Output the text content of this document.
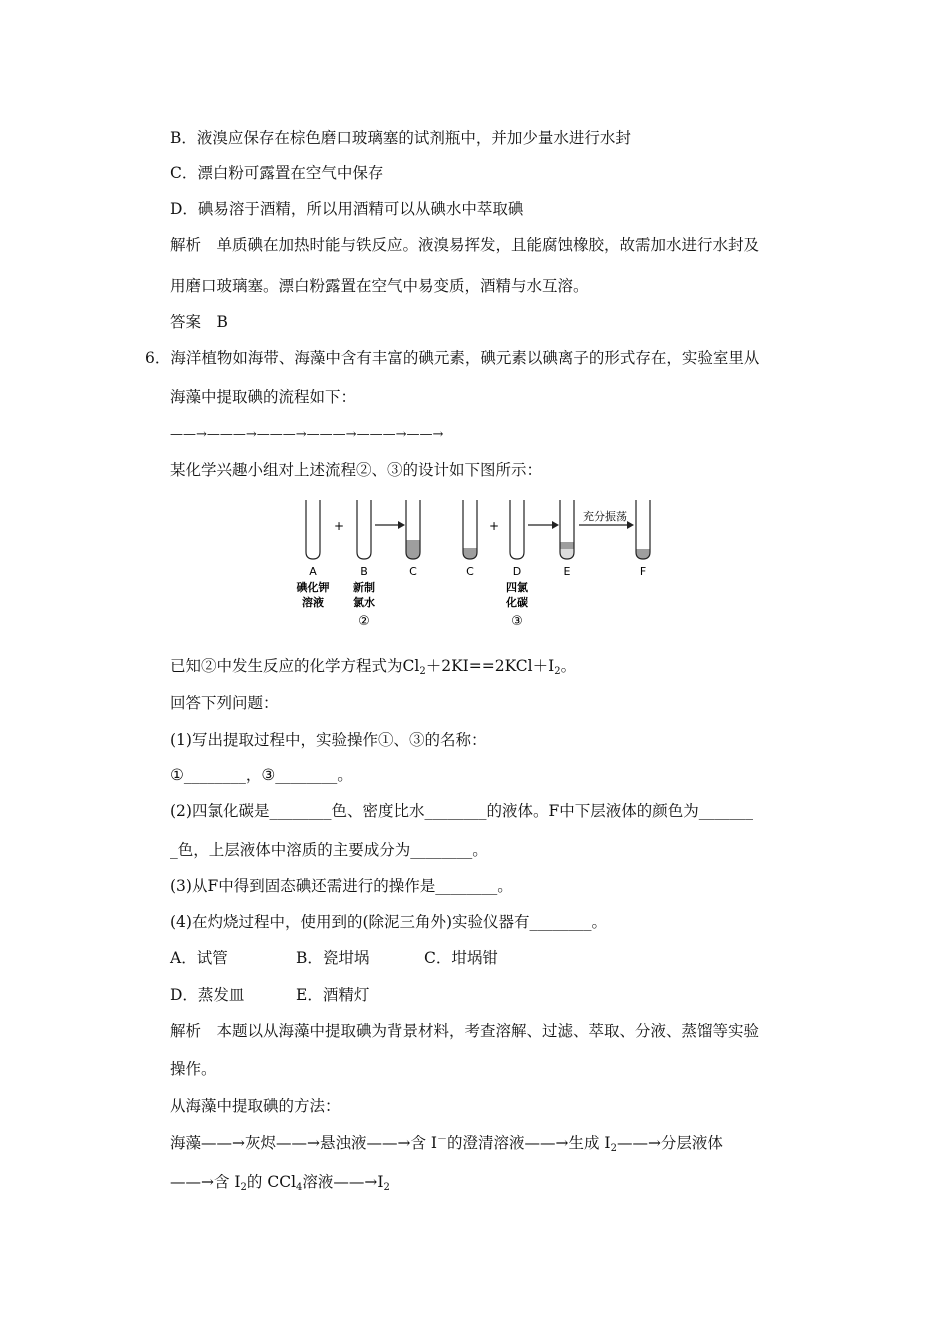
B．液溴应保存在棕色磨口玻璃塞的试剂瓶中，并加少量水进行水封
C．漂白粉可露置在空气中保存
D．碘易溶于酒精，所以用酒精可以从碘水中萃取碘
解析　单质碘在加热时能与铁反应。液溴易挥发，且能腐蚀橡胶，故需加水进行水封及
用磨口玻璃塞。漂白粉露置在空气中易变质，酒精与水互溶。
答案　B
6．海洋植物如海带、海藻中含有丰富的碘元素，碘元素以碘离子的形式存在，实验室里从
海藻中提取碘的流程如下：
——→———→———→———→———→——→
某化学兴趣小组对上述流程②、③的设计如下图所示：
+	+
充分振荡
A	B	C	C	D	E	F
碘化钾
溶液
新制
氯水
四氯
化碳
②	③
已知②中发生反应的化学方程式为$Cl_2+2KI==2KCl+I_2$。
回答下列问题：
(1)写出提取过程中，实验操作①、③的名称：
①________，③________。
(2)四氯化碳是________色、密度比水________的液体。F中下层液体的颜色为_______
_色，上层液体中溶质的主要成分为________。
(3)从F中得到固态碘还需进行的操作是________。
(4)在灼烧过程中，使用到的(除泥三角外)实验仪器有________。
A．试管	B．瓷坩埚	C．坩埚钳
D．蒸发皿	E．酒精灯
解析　本题以从海藻中提取碘为背景材料，考查溶解、过滤、萃取、分液、蒸馏等实验
操作。
从海藻中提取碘的方法：
海藻——→灰烬——→悬浊液——→含 I－的澄清溶液——→生成 $I_2——\to$分层液体
——→含 $I_2$的 CCl$_4$溶液$——\to I_2$
